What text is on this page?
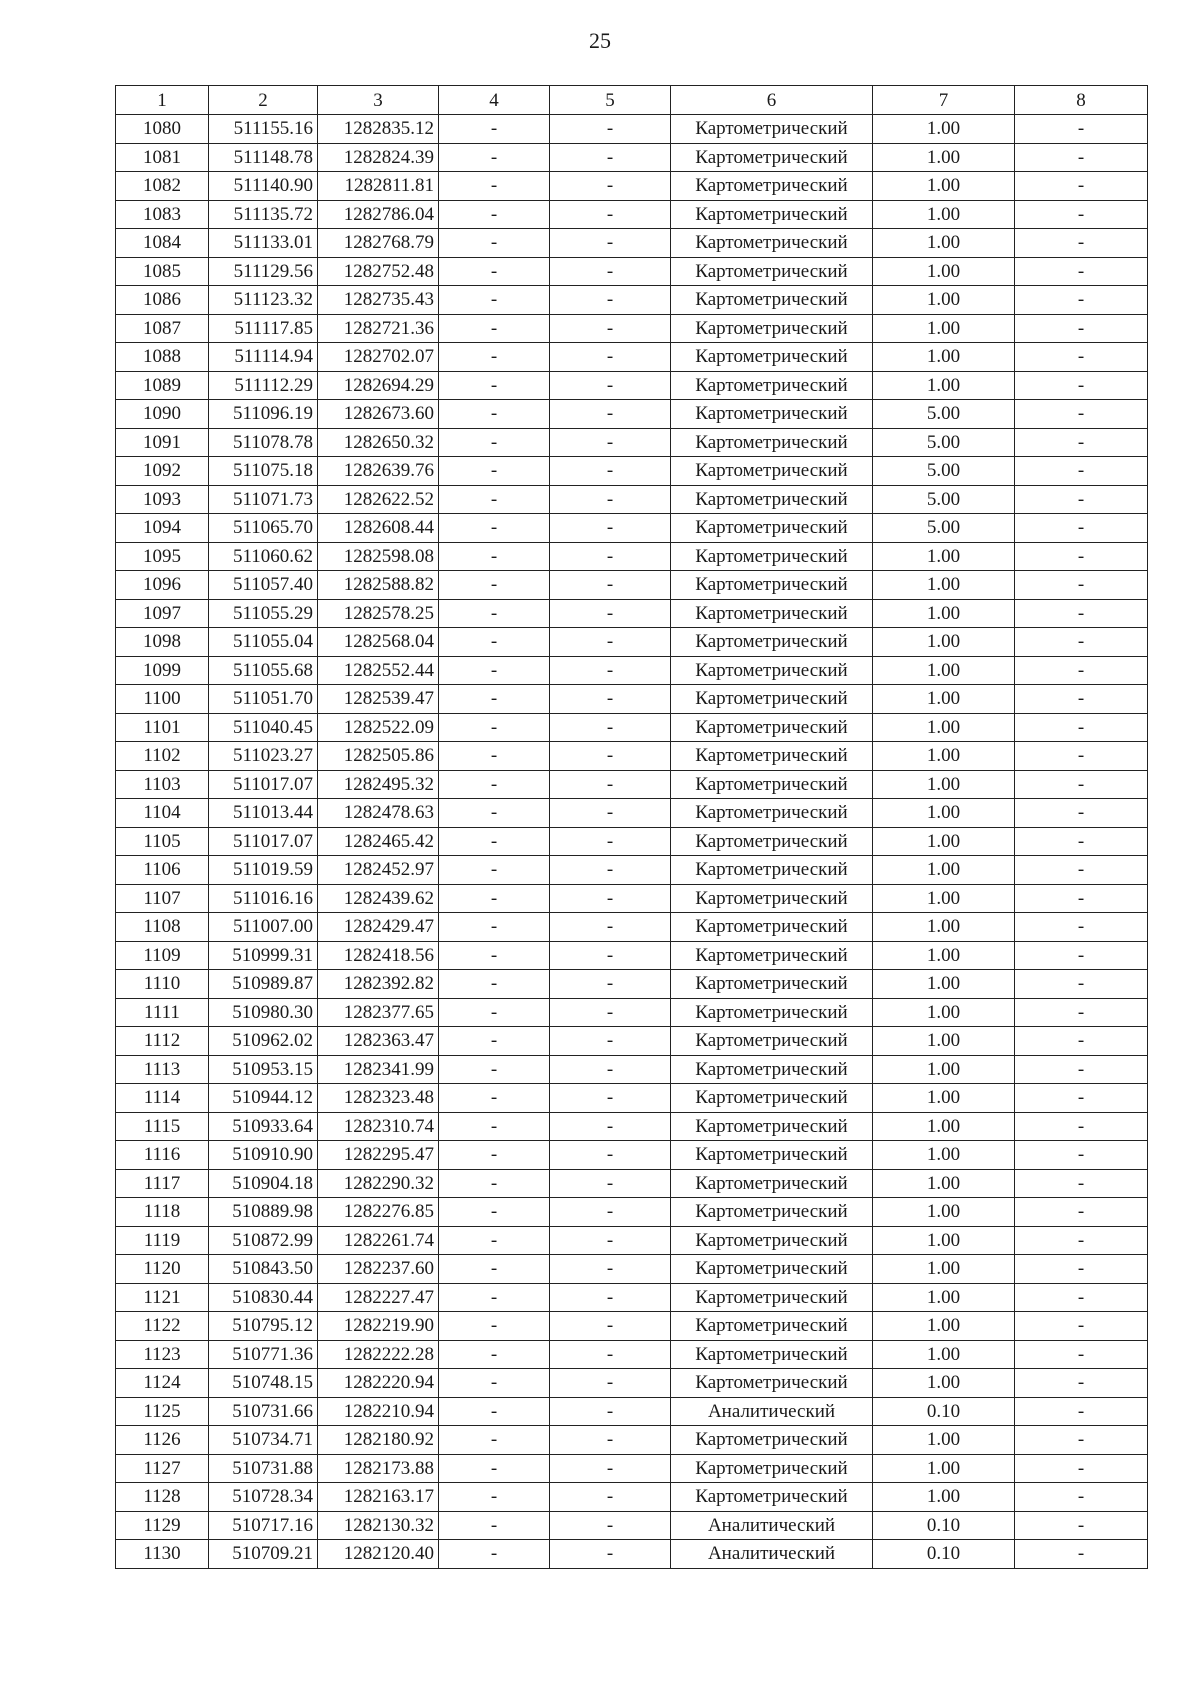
25
1	2	3	4	5	6	7	8
1080	511155.16	1282835.12	-	-	Картометрический	1.00	-
1081	511148.78	1282824.39	-	-	Картометрический	1.00	-
1082	511140.90	1282811.81	-	-	Картометрический	1.00	-
1083	511135.72	1282786.04	-	-	Картометрический	1.00	-
1084	511133.01	1282768.79	-	-	Картометрический	1.00	-
1085	511129.56	1282752.48	-	-	Картометрический	1.00	-
1086	511123.32	1282735.43	-	-	Картометрический	1.00	-
1087	511117.85	1282721.36	-	-	Картометрический	1.00	-
1088	511114.94	1282702.07	-	-	Картометрический	1.00	-
1089	511112.29	1282694.29	-	-	Картометрический	1.00	-
1090	511096.19	1282673.60	-	-	Картометрический	5.00	-
1091	511078.78	1282650.32	-	-	Картометрический	5.00	-
1092	511075.18	1282639.76	-	-	Картометрический	5.00	-
1093	511071.73	1282622.52	-	-	Картометрический	5.00	-
1094	511065.70	1282608.44	-	-	Картометрический	5.00	-
1095	511060.62	1282598.08	-	-	Картометрический	1.00	-
1096	511057.40	1282588.82	-	-	Картометрический	1.00	-
1097	511055.29	1282578.25	-	-	Картометрический	1.00	-
1098	511055.04	1282568.04	-	-	Картометрический	1.00	-
1099	511055.68	1282552.44	-	-	Картометрический	1.00	-
1100	511051.70	1282539.47	-	-	Картометрический	1.00	-
1101	511040.45	1282522.09	-	-	Картометрический	1.00	-
1102	511023.27	1282505.86	-	-	Картометрический	1.00	-
1103	511017.07	1282495.32	-	-	Картометрический	1.00	-
1104	511013.44	1282478.63	-	-	Картометрический	1.00	-
1105	511017.07	1282465.42	-	-	Картометрический	1.00	-
1106	511019.59	1282452.97	-	-	Картометрический	1.00	-
1107	511016.16	1282439.62	-	-	Картометрический	1.00	-
1108	511007.00	1282429.47	-	-	Картометрический	1.00	-
1109	510999.31	1282418.56	-	-	Картометрический	1.00	-
1110	510989.87	1282392.82	-	-	Картометрический	1.00	-
1111	510980.30	1282377.65	-	-	Картометрический	1.00	-
1112	510962.02	1282363.47	-	-	Картометрический	1.00	-
1113	510953.15	1282341.99	-	-	Картометрический	1.00	-
1114	510944.12	1282323.48	-	-	Картометрический	1.00	-
1115	510933.64	1282310.74	-	-	Картометрический	1.00	-
1116	510910.90	1282295.47	-	-	Картометрический	1.00	-
1117	510904.18	1282290.32	-	-	Картометрический	1.00	-
1118	510889.98	1282276.85	-	-	Картометрический	1.00	-
1119	510872.99	1282261.74	-	-	Картометрический	1.00	-
1120	510843.50	1282237.60	-	-	Картометрический	1.00	-
1121	510830.44	1282227.47	-	-	Картометрический	1.00	-
1122	510795.12	1282219.90	-	-	Картометрический	1.00	-
1123	510771.36	1282222.28	-	-	Картометрический	1.00	-
1124	510748.15	1282220.94	-	-	Картометрический	1.00	-
1125	510731.66	1282210.94	-	-	Аналитический	0.10	-
1126	510734.71	1282180.92	-	-	Картометрический	1.00	-
1127	510731.88	1282173.88	-	-	Картометрический	1.00	-
1128	510728.34	1282163.17	-	-	Картометрический	1.00	-
1129	510717.16	1282130.32	-	-	Аналитический	0.10	-
1130	510709.21	1282120.40	-	-	Аналитический	0.10	-
